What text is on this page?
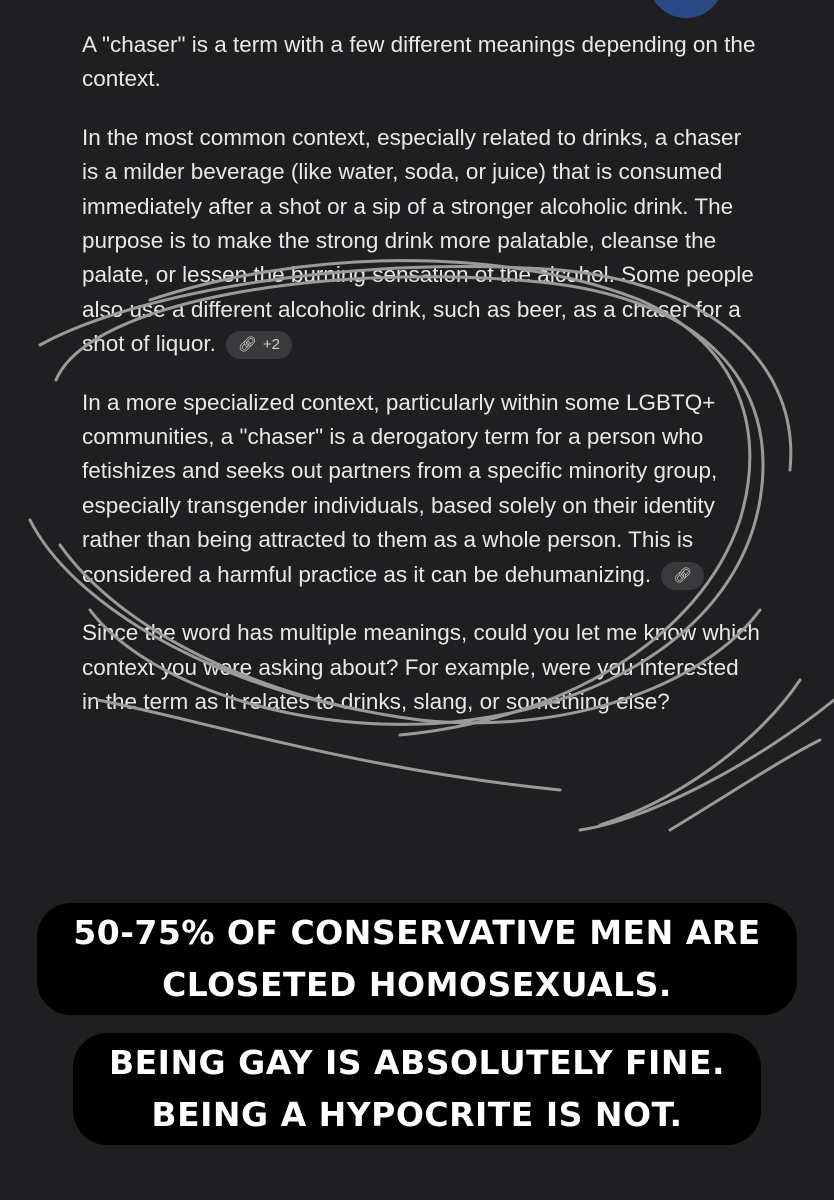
A "chaser" is a term with a few different meanings depending on the context.

In the most common context, especially related to drinks, a chaser is a milder beverage (like water, soda, or juice) that is consumed immediately after a shot or a sip of a stronger alcoholic drink. The purpose is to make the strong drink more palatable, cleanse the palate, or lessen the burning sensation of the alcohol. Some people also use a different alcoholic drink, such as beer, as a chaser for a shot of liquor. 🔗︎ +2

In a more specialized context, particularly within some LGBTQ+ communities, a "chaser" is a derogatory term for a person who fetishizes and seeks out partners from a specific minority group, especially transgender individuals, based solely on their identity rather than being attracted to them as a whole person. This is considered a harmful practice as it can be dehumanizing. 🔗︎

Since the word has multiple meanings, could you let me know which context you were asking about? For example, were you interested in the term as it relates to drinks, slang, or something else?

50-75% OF CONSERVATIVE MEN ARE
CLOSETED HOMOSEXUALS.
BEING GAY IS ABSOLUTELY FINE.
BEING A HYPOCRITE IS NOT.
